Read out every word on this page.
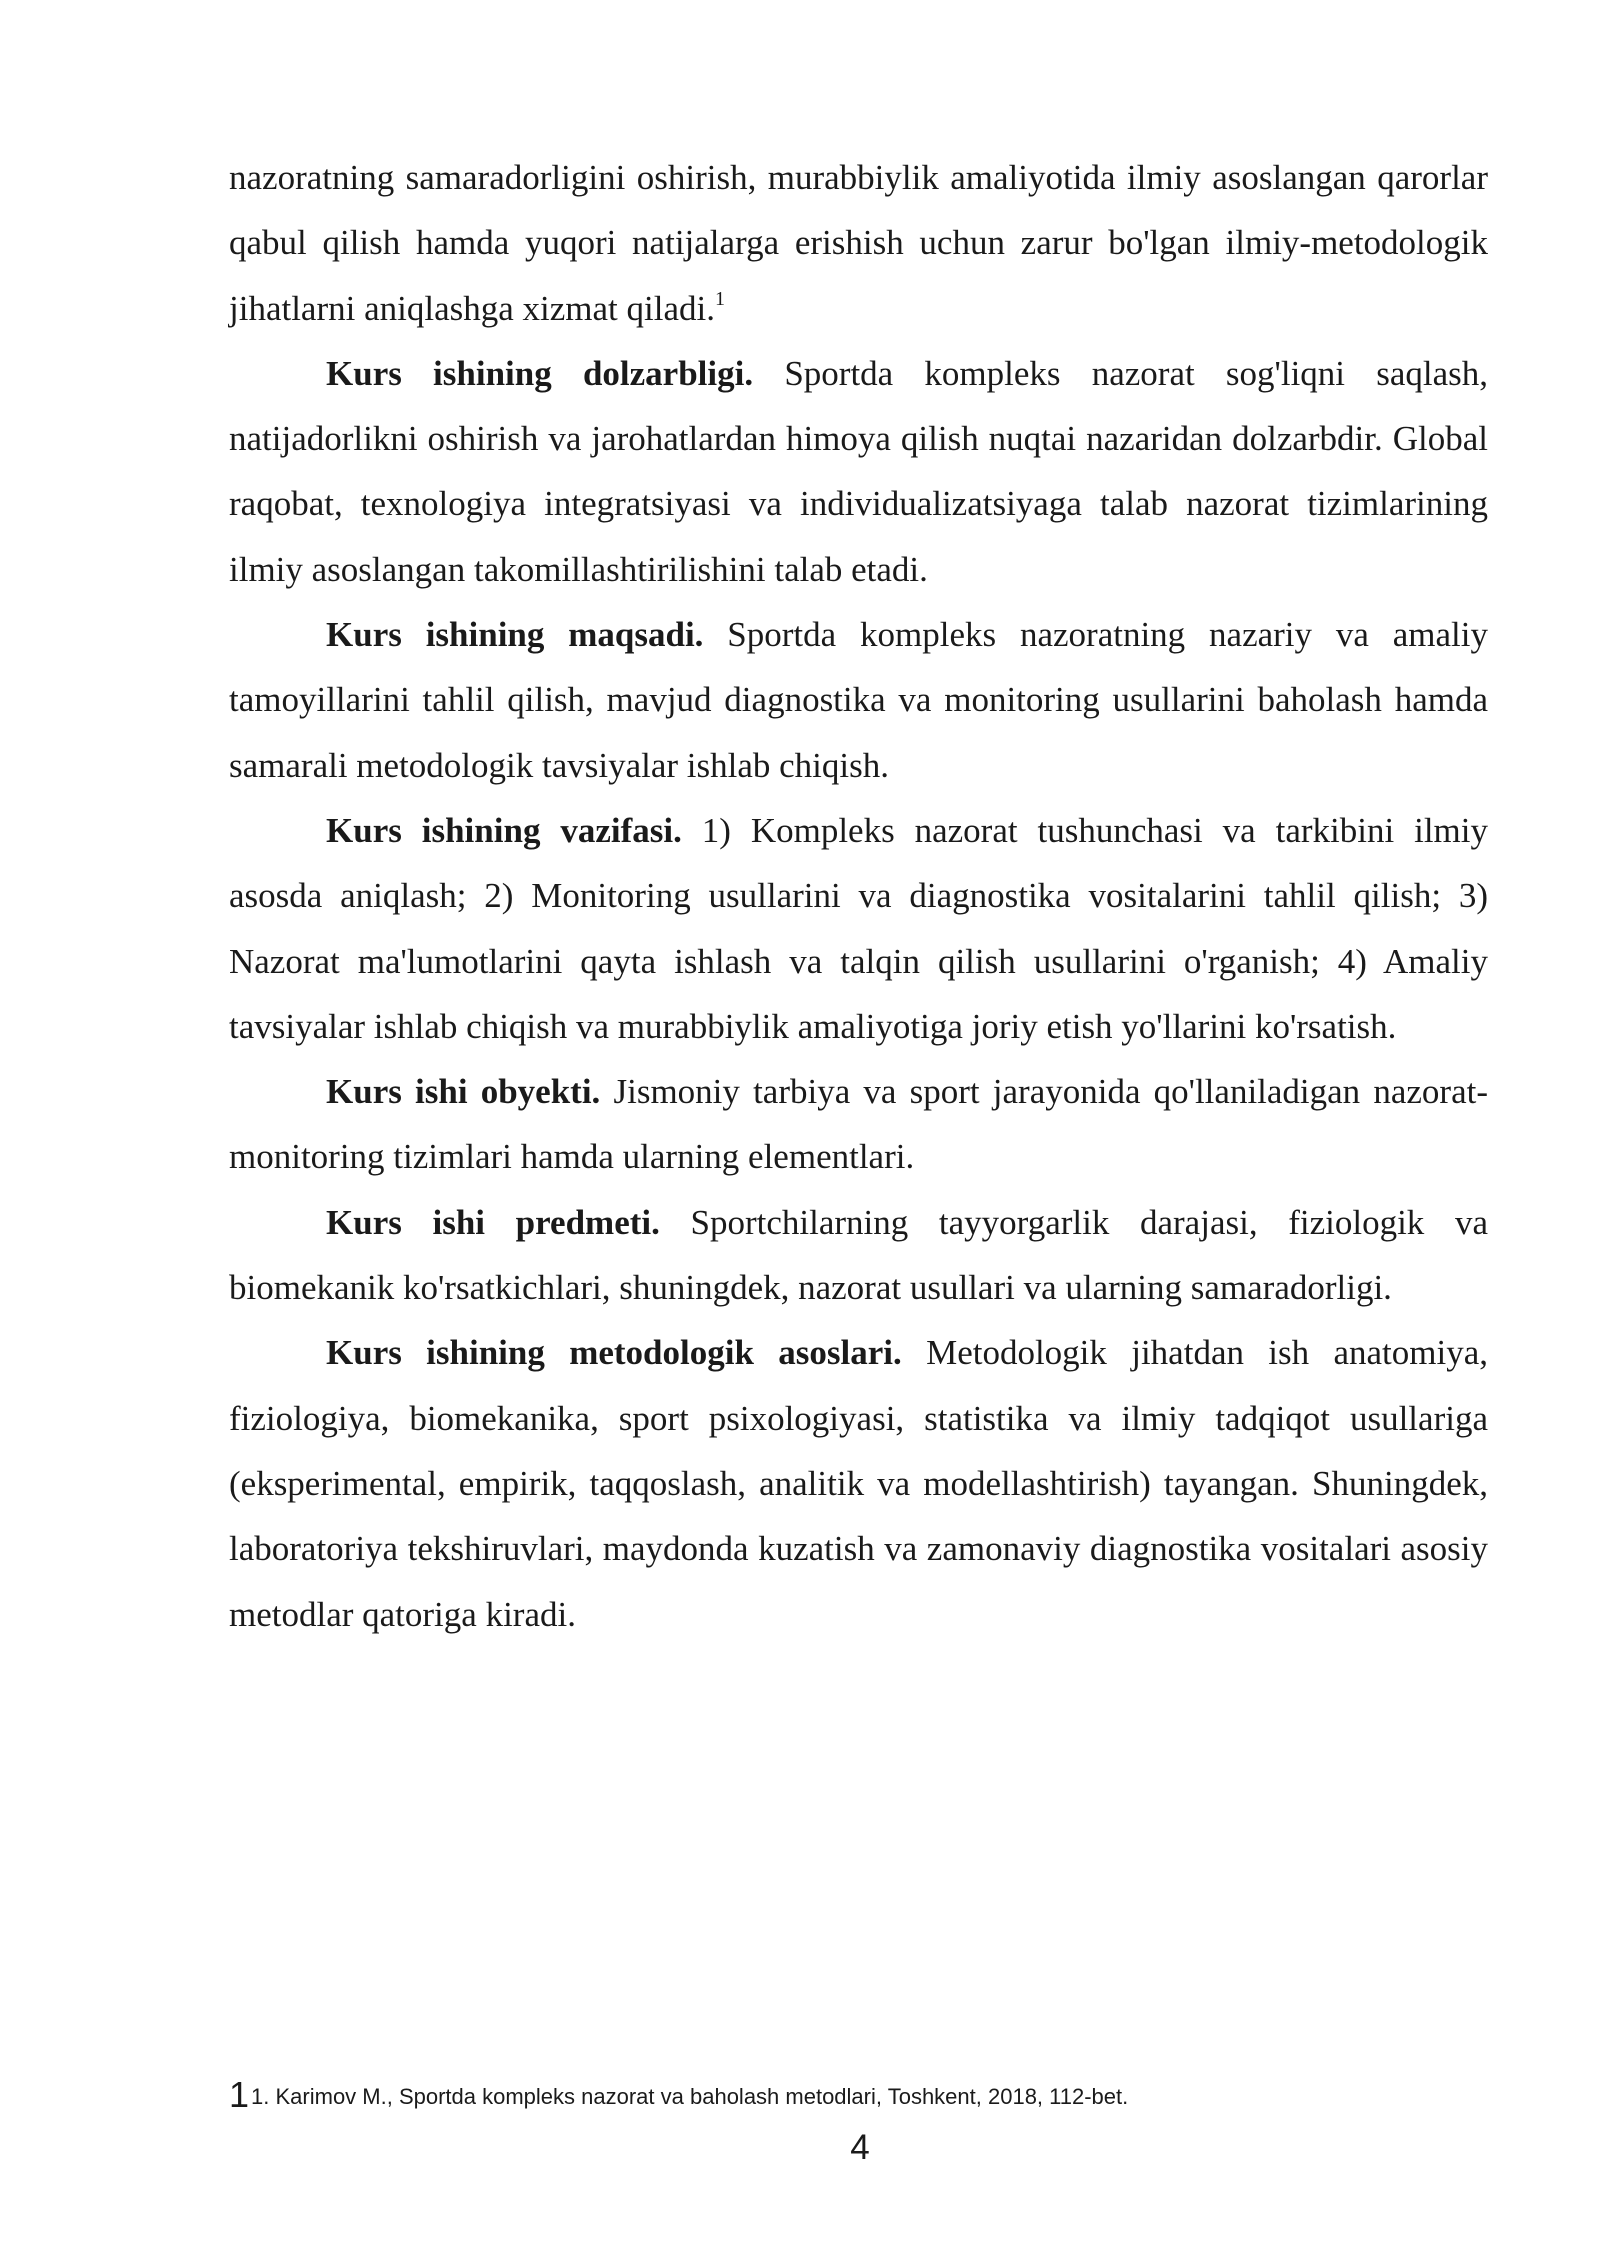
nazoratning samaradorligini oshirish, murabbiylik amaliyotida ilmiy asoslangan qarorlar qabul qilish hamda yuqori natijalarga erishish uchun zarur bo'lgan ilmiy-metodologik jihatlarni aniqlashga xizmat qiladi.$^1$

Kurs ishining dolzarbligi. Sportda kompleks nazorat sog'liqni saqlash, natijadorlikni oshirish va jarohatlardan himoya qilish nuqtai nazaridan dolzarbdir. Global raqobat, texnologiya integratsiyasi va individualizatsiyaga talab nazorat tizimlarining ilmiy asoslangan takomillashtirilishini talab etadi.

Kurs ishining maqsadi. Sportda kompleks nazoratning nazariy va amaliy tamoyillarini tahlil qilish, mavjud diagnostika va monitoring usullarini baholash hamda samarali metodologik tavsiyalar ishlab chiqish.

Kurs ishining vazifasi. 1) Kompleks nazorat tushunchasi va tarkibini ilmiy asosda aniqlash; 2) Monitoring usullarini va diagnostika vositalarini tahlil qilish; 3) Nazorat ma'lumotlarini qayta ishlash va talqin qilish usullarini o'rganish; 4) Amaliy tavsiyalar ishlab chiqish va murabbiylik amaliyotiga joriy etish yo'llarini ko'rsatish.

Kurs ishi obyekti. Jismoniy tarbiya va sport jarayonida qo'llaniladigan nazorat-monitoring tizimlari hamda ularning elementlari.

Kurs ishi predmeti. Sportchilarning tayyorgarlik darajasi, fiziologik va biomekanik ko'rsatkichlari, shuningdek, nazorat usullari va ularning samaradorligi.

Kurs ishining metodologik asoslari. Metodologik jihatdan ish anatomiya, fiziologiya, biomekanika, sport psixologiyasi, statistika va ilmiy tadqiqot usullariga (eksperimental, empirik, taqqoslash, analitik va modellashtirish) tayangan. Shuningdek, laboratoriya tekshiruvlari, maydonda kuzatish va zamonaviy diagnostika vositalari asosiy metodlar qatoriga kiradi.

11. Karimov M., Sportda kompleks nazorat va baholash metodlari, Toshkent, 2018, 112-bet.
4
